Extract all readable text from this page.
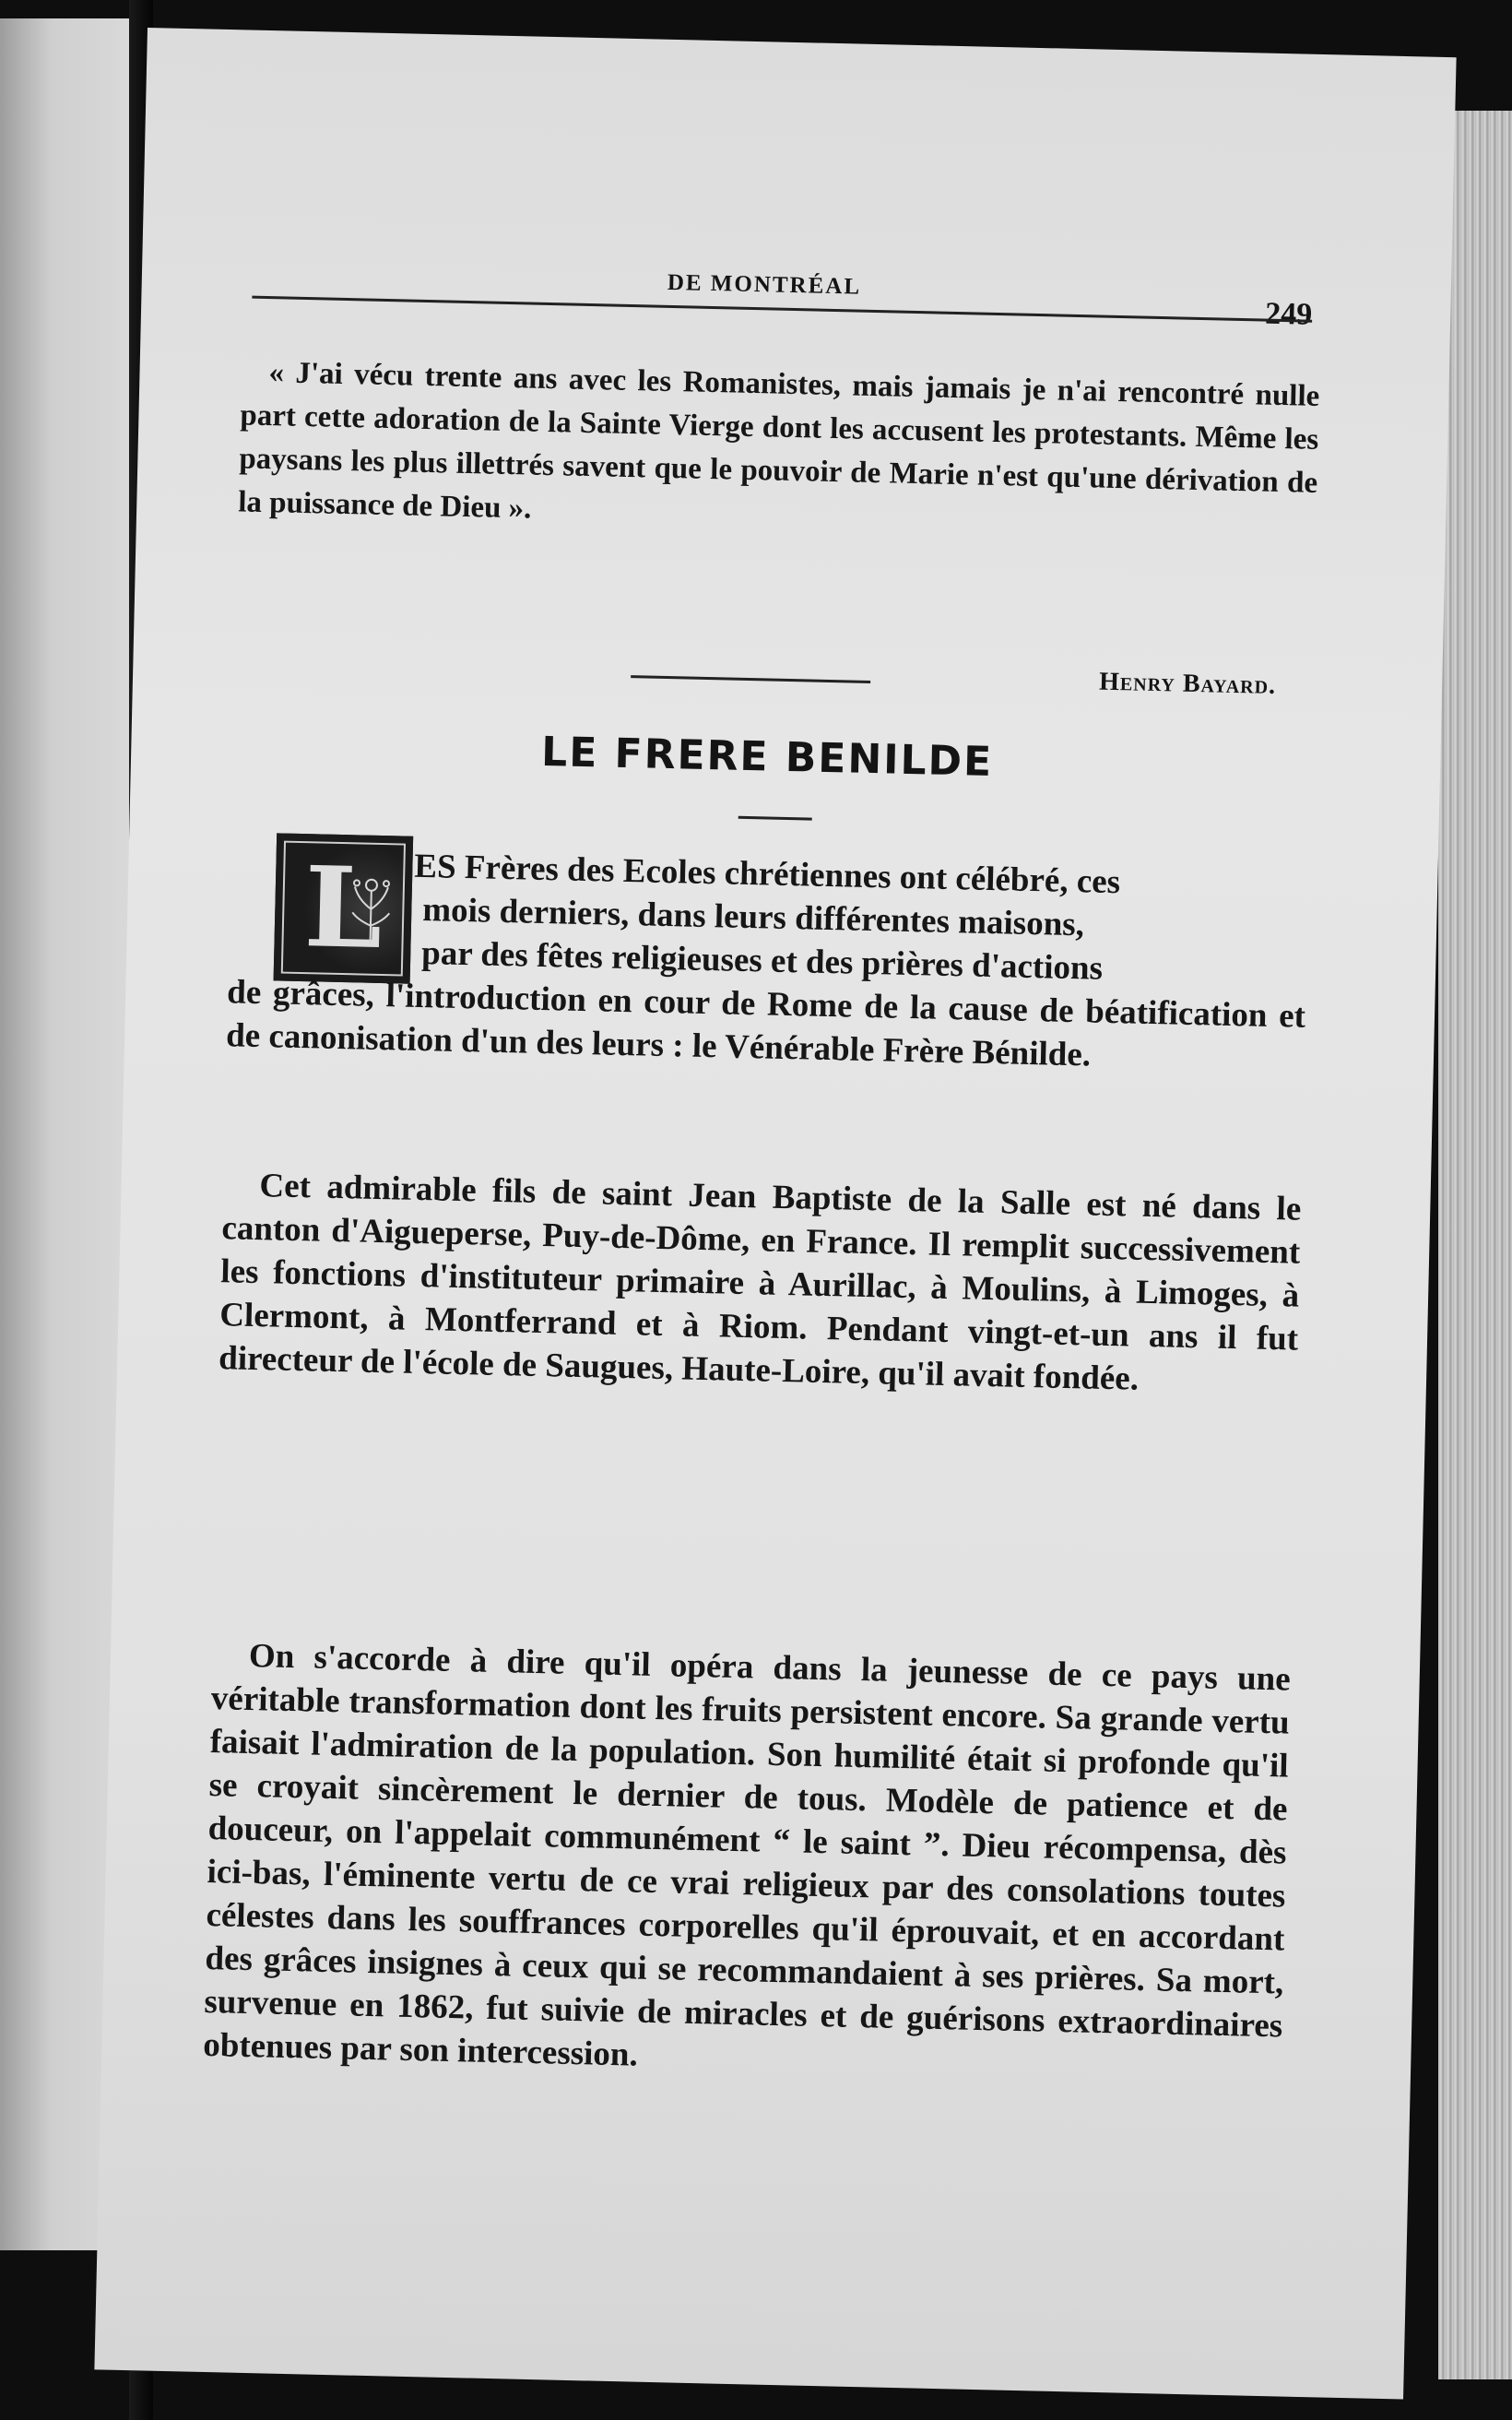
DE MONTRÉAL
249
« J'ai vécu trente ans avec les Romanistes, mais jamais je n'ai rencontré nulle part cette adoration de la Sainte Vierge dont les accusent les protestants. Même les paysans les plus illettrés savent que le pouvoir de Marie n'est qu'une dérivation de la puissance de Dieu ».
Henry Bayard.
LE FRERE BENILDE
L ES Frères des Ecoles chrétiennes ont célébré, ces
mois derniers, dans leurs différentes maisons,
par des fêtes religieuses et des prières d'actions
de grâces, l'introduction en cour de Rome de la cause de béatification et de canonisation d'un des leurs : le Vénérable Frère Bénilde.
Cet admirable fils de saint Jean Baptiste de la Salle est né dans le canton d'Aigueperse, Puy-de-Dôme, en France. Il remplit successivement les fonctions d'instituteur primaire à Aurillac, à Moulins, à Limoges, à Clermont, à Montferrand et à Riom. Pendant vingt-et-un ans il fut directeur de l'école de Saugues, Haute-Loire, qu'il avait fondée.
On s'accorde à dire qu'il opéra dans la jeunesse de ce pays une véritable transformation dont les fruits persistent encore. Sa grande vertu faisait l'admiration de la population. Son humilité était si profonde qu'il se croyait sincèrement le dernier de tous. Modèle de patience et de douceur, on l'appelait communément “ le saint ”. Dieu récompensa, dès ici-bas, l'éminente vertu de ce vrai religieux par des consolations toutes célestes dans les souffrances corporelles qu'il éprouvait, et en accordant des grâces insignes à ceux qui se recommandaient à ses prières. Sa mort, survenue en 1862, fut suivie de miracles et de guérisons extraordinaires obtenues par son intercession.
